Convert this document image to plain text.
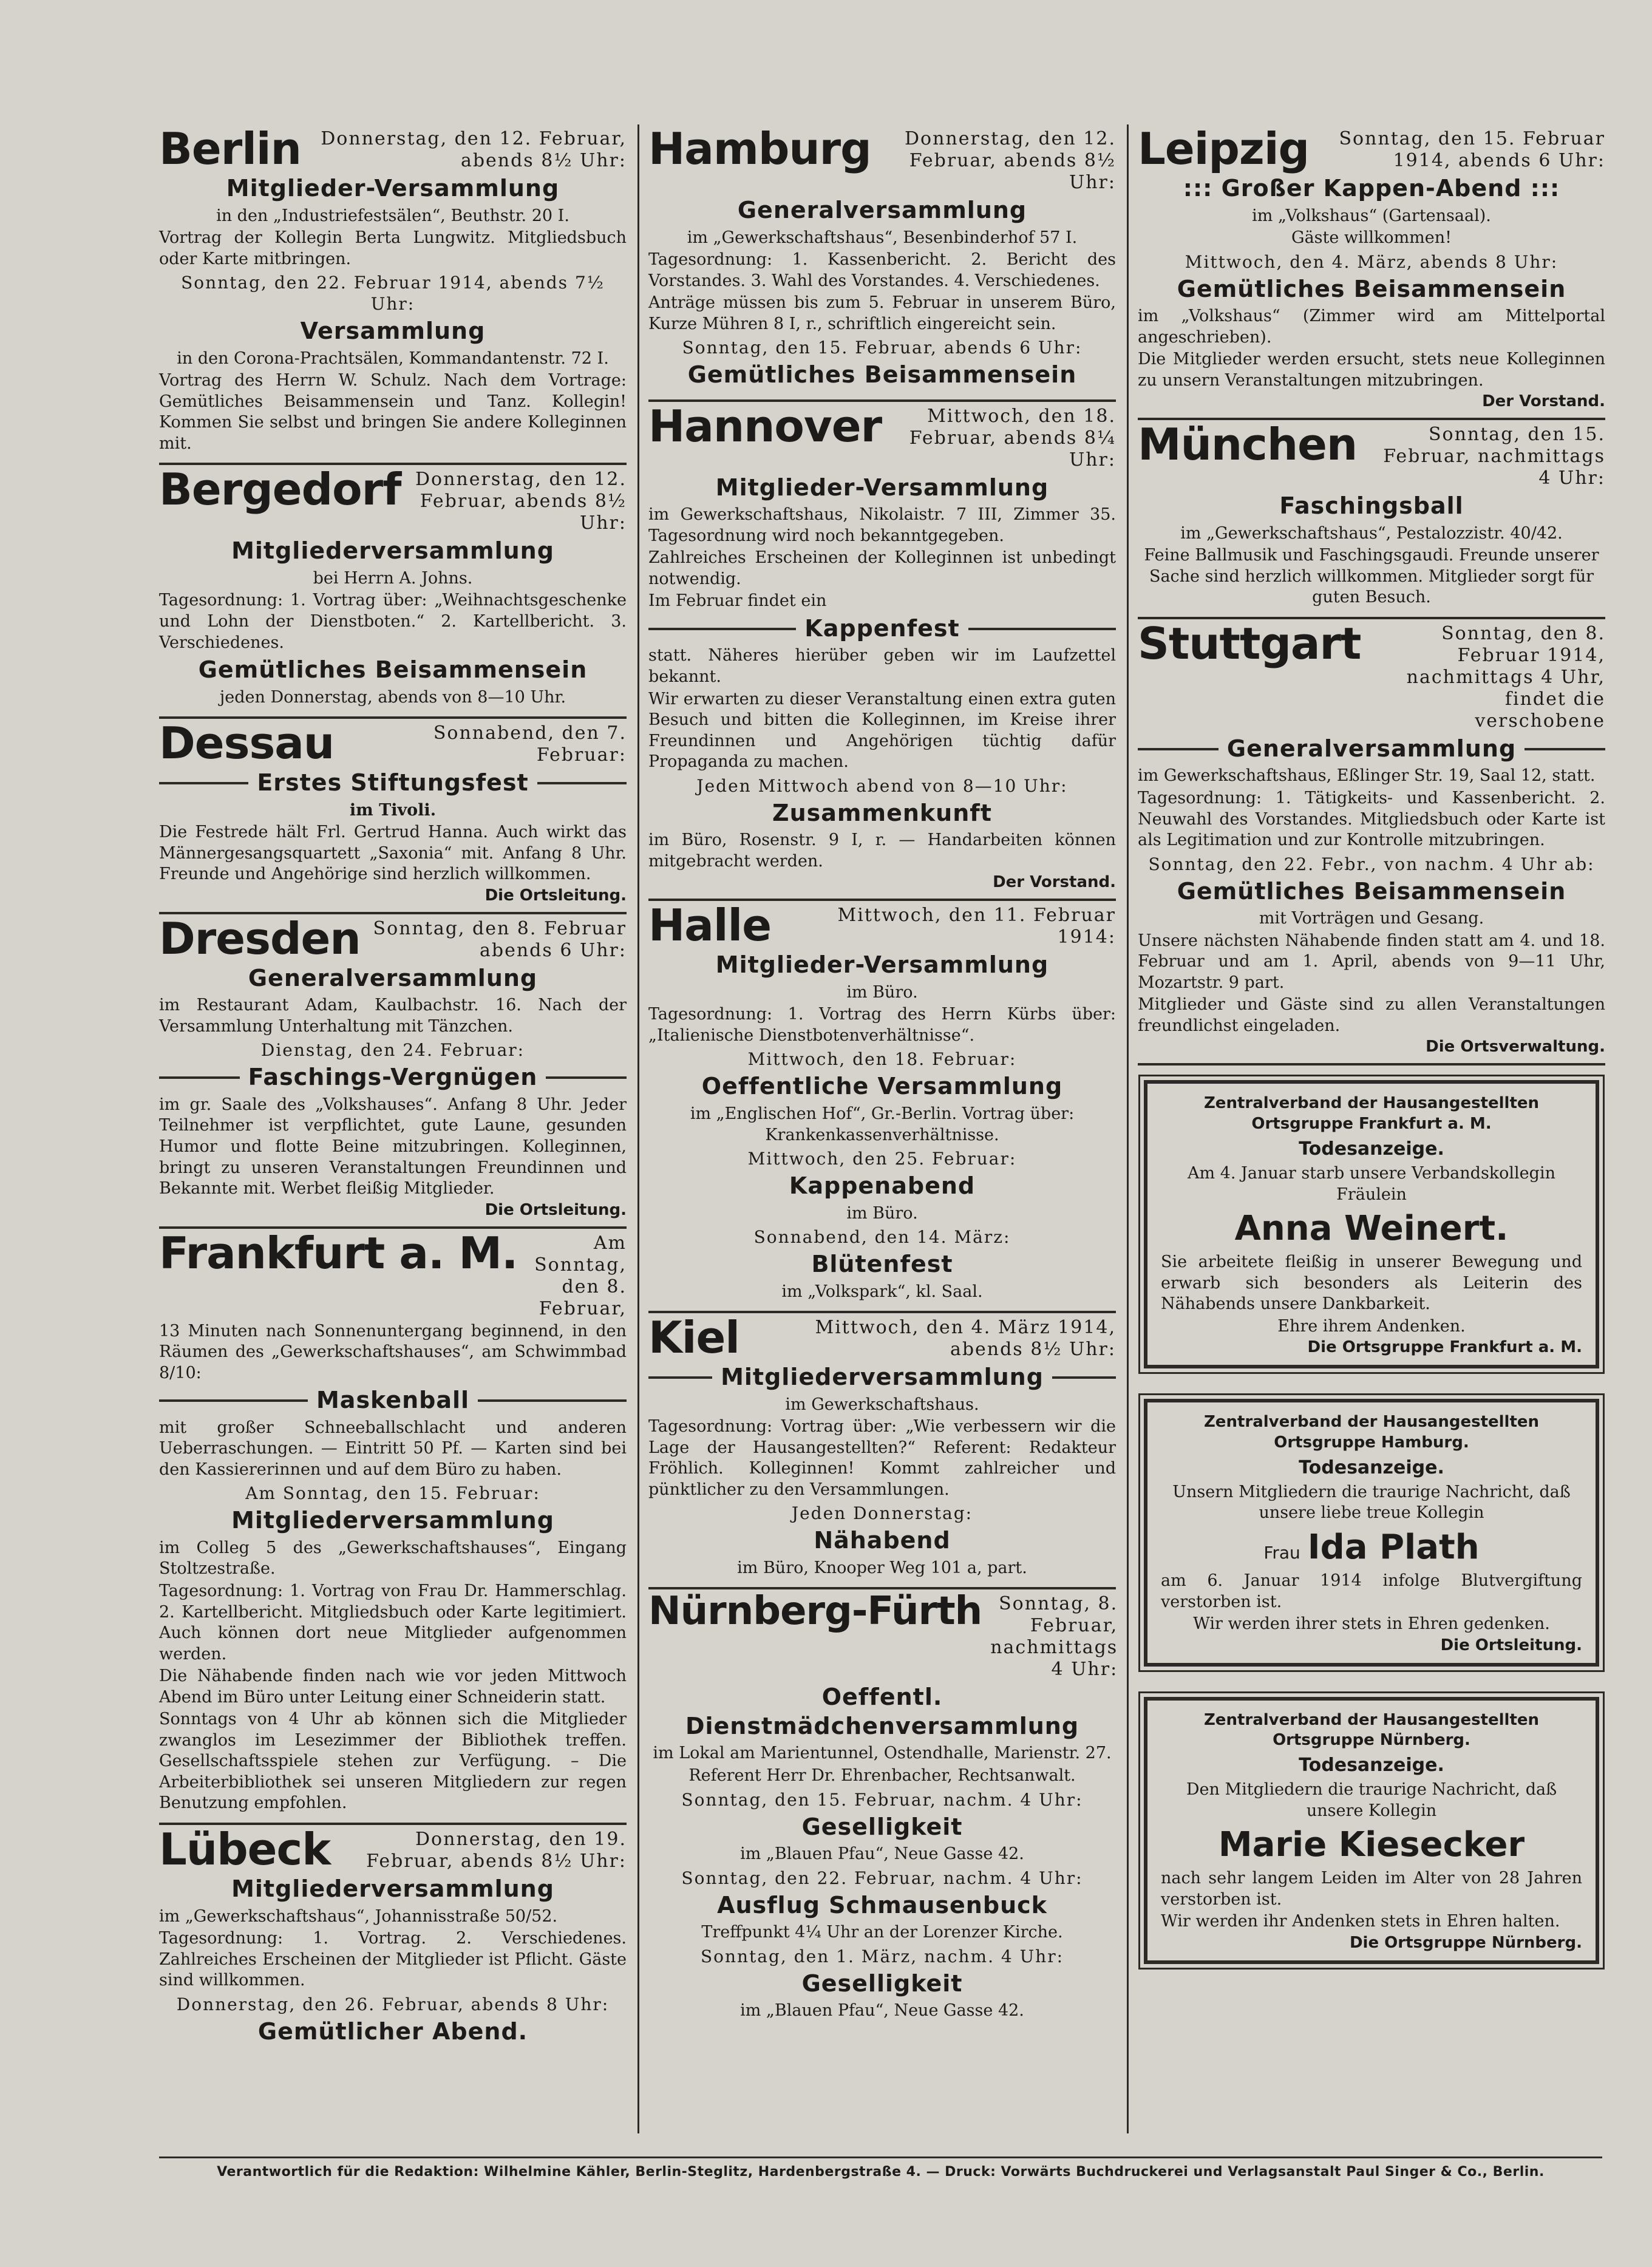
Berlin	Donnerstag, den 12. Februar, abends 8½ Uhr:
Mitglieder-Versammlung
in den „Industriefestsälen“, Beuthstr. 20 I.
Vortrag der Kollegin Berta Lungwitz. Mitgliedsbuch oder Karte mitbringen.
Sonntag, den 22. Februar 1914, abends 7½ Uhr:
Versammlung
in den Corona-Prachtsälen, Kommandantenstr. 72 I.
Vortrag des Herrn W. Schulz. Nach dem Vortrage: Gemütliches Beisammensein und Tanz. Kollegin! Kommen Sie selbst und bringen Sie andere Kolleginnen mit.
Bergedorf Donnerstag, den 12. Februar, abends 8½ Uhr:
Mitgliederversammlung
bei Herrn A. Johns.
Tagesordnung: 1. Vortrag über: „Weihnachtsgeschenke und Lohn der Dienstboten.“ 2. Kartellbericht. 3. Verschiedenes.
Gemütliches Beisammensein
jeden Donnerstag, abends von 8—10 Uhr.
Dessau	Sonnabend, den 7. Februar:
Erstes Stiftungsfest
im Tivoli.
Die Festrede hält Frl. Gertrud Hanna. Auch wirkt das Männergesangsquartett „Saxonia“ mit. Anfang 8 Uhr. Freunde und Angehörige sind herzlich willkommen.
Die Ortsleitung.
Dresden Sonntag, den 8. Februar abends 6 Uhr:
Generalversammlung
im Restaurant Adam, Kaulbachstr. 16. Nach der Versammlung Unterhaltung mit Tänzchen.
Dienstag, den 24. Februar:
Faschings-Vergnügen
im gr. Saale des „Volkshauses“. Anfang 8 Uhr. Jeder Teilnehmer ist verpflichtet, gute Laune, gesunden Humor und flotte Beine mitzubringen. Kolleginnen, bringt zu unseren Veranstaltungen Freundinnen und Bekannte mit. Werbet fleißig Mitglieder.
Die Ortsleitung.
Frankfurt a. M.	Am Sonntag, den 8. Februar,
13 Minuten nach Sonnenuntergang beginnend, in den Räumen des „Gewerkschaftshauses“, am Schwimmbad 8/10:
Maskenball
mit großer Schneeballschlacht und anderen Ueberraschungen. — Eintritt 50 Pf. — Karten sind bei den Kassiererinnen und auf dem Büro zu haben.
Am Sonntag, den 15. Februar:
Mitgliederversammlung
im Colleg 5 des „Gewerkschaftshauses“, Eingang Stoltzestraße.
Tagesordnung: 1. Vortrag von Frau Dr. Hammerschlag. 2. Kartellbericht. Mitgliedsbuch oder Karte legitimiert. Auch können dort neue Mitglieder aufgenommen werden.
Die Nähabende finden nach wie vor jeden Mittwoch Abend im Büro unter Leitung einer Schneiderin statt.
Sonntags von 4 Uhr ab können sich die Mitglieder zwanglos im Lesezimmer der Bibliothek treffen. Gesellschaftsspiele stehen zur Verfügung. – Die Arbeiterbibliothek sei unseren Mitgliedern zur regen Benutzung empfohlen.
Lübeck	Donnerstag, den 19. Februar, abends 8½ Uhr:
Mitgliederversammlung
im „Gewerkschaftshaus“, Johannisstraße 50/52.
Tagesordnung: 1. Vortrag. 2. Verschiedenes. Zahlreiches Erscheinen der Mitglieder ist Pflicht. Gäste sind willkommen.
Donnerstag, den 26. Februar, abends 8 Uhr:
Gemütlicher Abend.
Hamburg	Donnerstag, den 12. Februar, abends 8½ Uhr:
Generalversammlung
im „Gewerkschaftshaus“, Besenbinderhof 57 I.
Tagesordnung: 1. Kassenbericht. 2. Bericht des Vorstandes. 3. Wahl des Vorstandes. 4. Verschiedenes.
Anträge müssen bis zum 5. Februar in unserem Büro, Kurze Mühren 8 I, r., schriftlich eingereicht sein.
Sonntag, den 15. Februar, abends 6 Uhr:
Gemütliches Beisammensein
Hannover	Mittwoch, den 18. Februar, abends 8¼ Uhr:
Mitglieder-Versammlung
im Gewerkschaftshaus, Nikolaistr. 7 III, Zimmer 35. Tagesordnung wird noch bekanntgegeben.
Zahlreiches Erscheinen der Kolleginnen ist unbedingt notwendig.
Im Februar findet ein
Kappenfest
statt. Näheres hierüber geben wir im Laufzettel bekannt.
Wir erwarten zu dieser Veranstaltung einen extra guten Besuch und bitten die Kolleginnen, im Kreise ihrer Freundinnen und Angehörigen tüchtig dafür Propaganda zu machen.
Jeden Mittwoch abend von 8—10 Uhr:
Zusammenkunft
im Büro, Rosenstr. 9 I, r. — Handarbeiten können mitgebracht werden.
Der Vorstand.
Halle	Mittwoch, den 11. Februar 1914:
Mitglieder-Versammlung
im Büro.
Tagesordnung: 1. Vortrag des Herrn Kürbs über: „Italienische Dienstbotenverhältnisse“.
Mittwoch, den 18. Februar:
Oeffentliche Versammlung
im „Englischen Hof“, Gr.-Berlin. Vortrag über: Krankenkassenverhältnisse.
Mittwoch, den 25. Februar:
Kappenabend
im Büro.
Sonnabend, den 14. März:
Blütenfest
im „Volkspark“, kl. Saal.
Kiel	Mittwoch, den 4. März 1914, abends 8½ Uhr:
Mitgliederversammlung
im Gewerkschaftshaus.
Tagesordnung: Vortrag über: „Wie verbessern wir die Lage der Hausangestellten?“ Referent: Redakteur Fröhlich. Kolleginnen! Kommt zahlreicher und pünktlicher zu den Versammlungen.
Jeden Donnerstag:
Nähabend
im Büro, Knooper Weg 101 a, part.
Nürnberg-Fürth Sonntag, 8. Februar, nachmittags 4 Uhr:
Oeffentl. Dienstmädchenversammlung
im Lokal am Marientunnel, Ostendhalle, Marienstr. 27.
Referent Herr Dr. Ehrenbacher, Rechtsanwalt.
Sonntag, den 15. Februar, nachm. 4 Uhr:
Geselligkeit
im „Blauen Pfau“, Neue Gasse 42.
Sonntag, den 22. Februar, nachm. 4 Uhr:
Ausflug Schmausenbuck
Treffpunkt 4¼ Uhr an der Lorenzer Kirche.
Sonntag, den 1. März, nachm. 4 Uhr:
Geselligkeit
im „Blauen Pfau“, Neue Gasse 42.
Leipzig	Sonntag, den 15. Februar 1914, abends 6 Uhr:
::: Großer Kappen-Abend :::
im „Volkshaus“ (Gartensaal).
Gäste willkommen!
Mittwoch, den 4. März, abends 8 Uhr:
Gemütliches Beisammensein
im „Volkshaus“ (Zimmer wird am Mittelportal angeschrieben).
Die Mitglieder werden ersucht, stets neue Kolleginnen zu unsern Veranstaltungen mitzubringen.
Der Vorstand.
München	Sonntag, den 15. Februar, nachmittags 4 Uhr:
Faschingsball
im „Gewerkschaftshaus“, Pestalozzistr. 40/42.
Feine Ballmusik und Faschingsgaudi. Freunde unserer Sache sind herzlich willkommen. Mitglieder sorgt für guten Besuch.
Stuttgart	Sonntag, den 8. Februar 1914, nachmittags 4 Uhr, findet die verschobene
Generalversammlung
im Gewerkschaftshaus, Eßlinger Str. 19, Saal 12, statt.
Tagesordnung: 1. Tätigkeits- und Kassenbericht. 2. Neuwahl des Vorstandes. Mitgliedsbuch oder Karte ist als Legitimation und zur Kontrolle mitzubringen.
Sonntag, den 22. Febr., von nachm. 4 Uhr ab:
Gemütliches Beisammensein
mit Vorträgen und Gesang.
Unsere nächsten Nähabende finden statt am 4. und 18. Februar und am 1. April, abends von 9—11 Uhr, Mozartstr. 9 part.
Mitglieder und Gäste sind zu allen Veranstaltungen freundlichst eingeladen.
Die Ortsverwaltung.
Zentralverband der Hausangestellten Ortsgruppe Frankfurt a. M.
Todesanzeige.
Am 4. Januar starb unsere Verbandskollegin Fräulein
Anna Weinert.
Sie arbeitete fleißig in unserer Bewegung und erwarb sich besonders als Leiterin des Nähabends unsere Dankbarkeit.
Ehre ihrem Andenken.
Die Ortsgruppe Frankfurt a. M.
Zentralverband der Hausangestellten Ortsgruppe Hamburg.
Todesanzeige.
Unsern Mitgliedern die traurige Nachricht, daß unsere liebe treue Kollegin
Frau Ida Plath
am 6. Januar 1914 infolge Blutvergiftung verstorben ist.
Wir werden ihrer stets in Ehren gedenken.
Die Ortsleitung.
Zentralverband der Hausangestellten Ortsgruppe Nürnberg.
Todesanzeige.
Den Mitgliedern die traurige Nachricht, daß unsere Kollegin
Marie Kiesecker
nach sehr langem Leiden im Alter von 28 Jahren verstorben ist.
Wir werden ihr Andenken stets in Ehren halten.
Die Ortsgruppe Nürnberg.
Verantwortlich für die Redaktion: Wilhelmine Kähler, Berlin-Steglitz, Hardenbergstraße 4. — Druck: Vorwärts Buchdruckerei und Verlagsanstalt Paul Singer & Co., Berlin.
